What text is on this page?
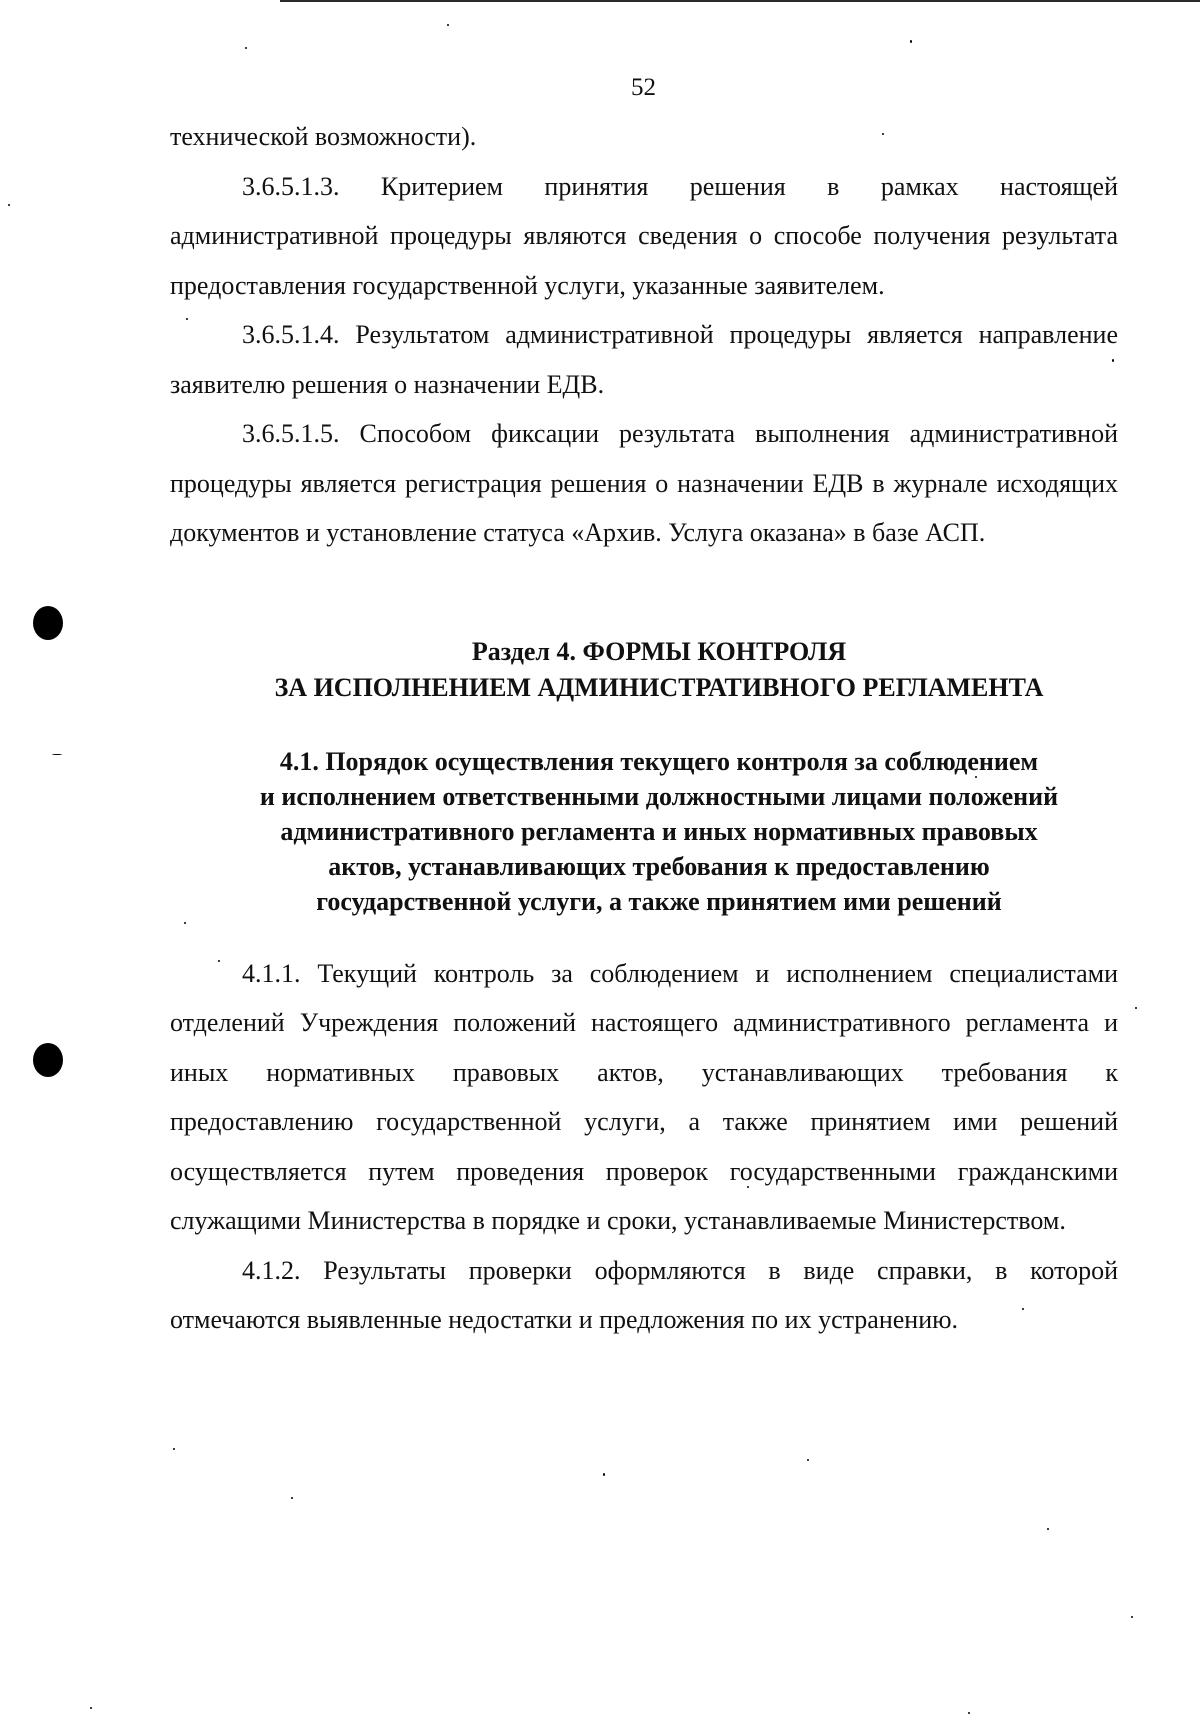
52

технической возможности).

3.6.5.1.3. Критерием принятия решения в рамках настоящей административной процедуры являются сведения о способе получения результата предоставления государственной услуги, указанные заявителем.

3.6.5.1.4. Результатом административной процедуры является направление заявителю решения о назначении ЕДВ.

3.6.5.1.5. Способом фиксации результата выполнения административной процедуры является регистрация решения о назначении ЕДВ в журнале исходящих документов и установление статуса «Архив. Услуга оказана» в базе АСП.

Раздел 4. ФОРМЫ КОНТРОЛЯ
ЗА ИСПОЛНЕНИЕМ АДМИНИСТРАТИВНОГО РЕГЛАМЕНТА
4.1. Порядок осуществления текущего контроля за соблюдением
и исполнением ответственными должностными лицами положений
административного регламента и иных нормативных правовых
актов, устанавливающих требования к предоставлению
государственной услуги, а также принятием ими решений

4.1.1. Текущий контроль за соблюдением и исполнением специалистами отделений Учреждения положений настоящего административного регламента и иных нормативных правовых актов, устанавливающих требования к предоставлению государственной услуги, а также принятием ими решений осуществляется путем проведения проверок государственными гражданскими служащими Министерства в порядке и сроки, устанавливаемые Министерством.

4.1.2. Результаты проверки оформляются в виде справки, в которой отмечаются выявленные недостатки и предложения по их устранению.
